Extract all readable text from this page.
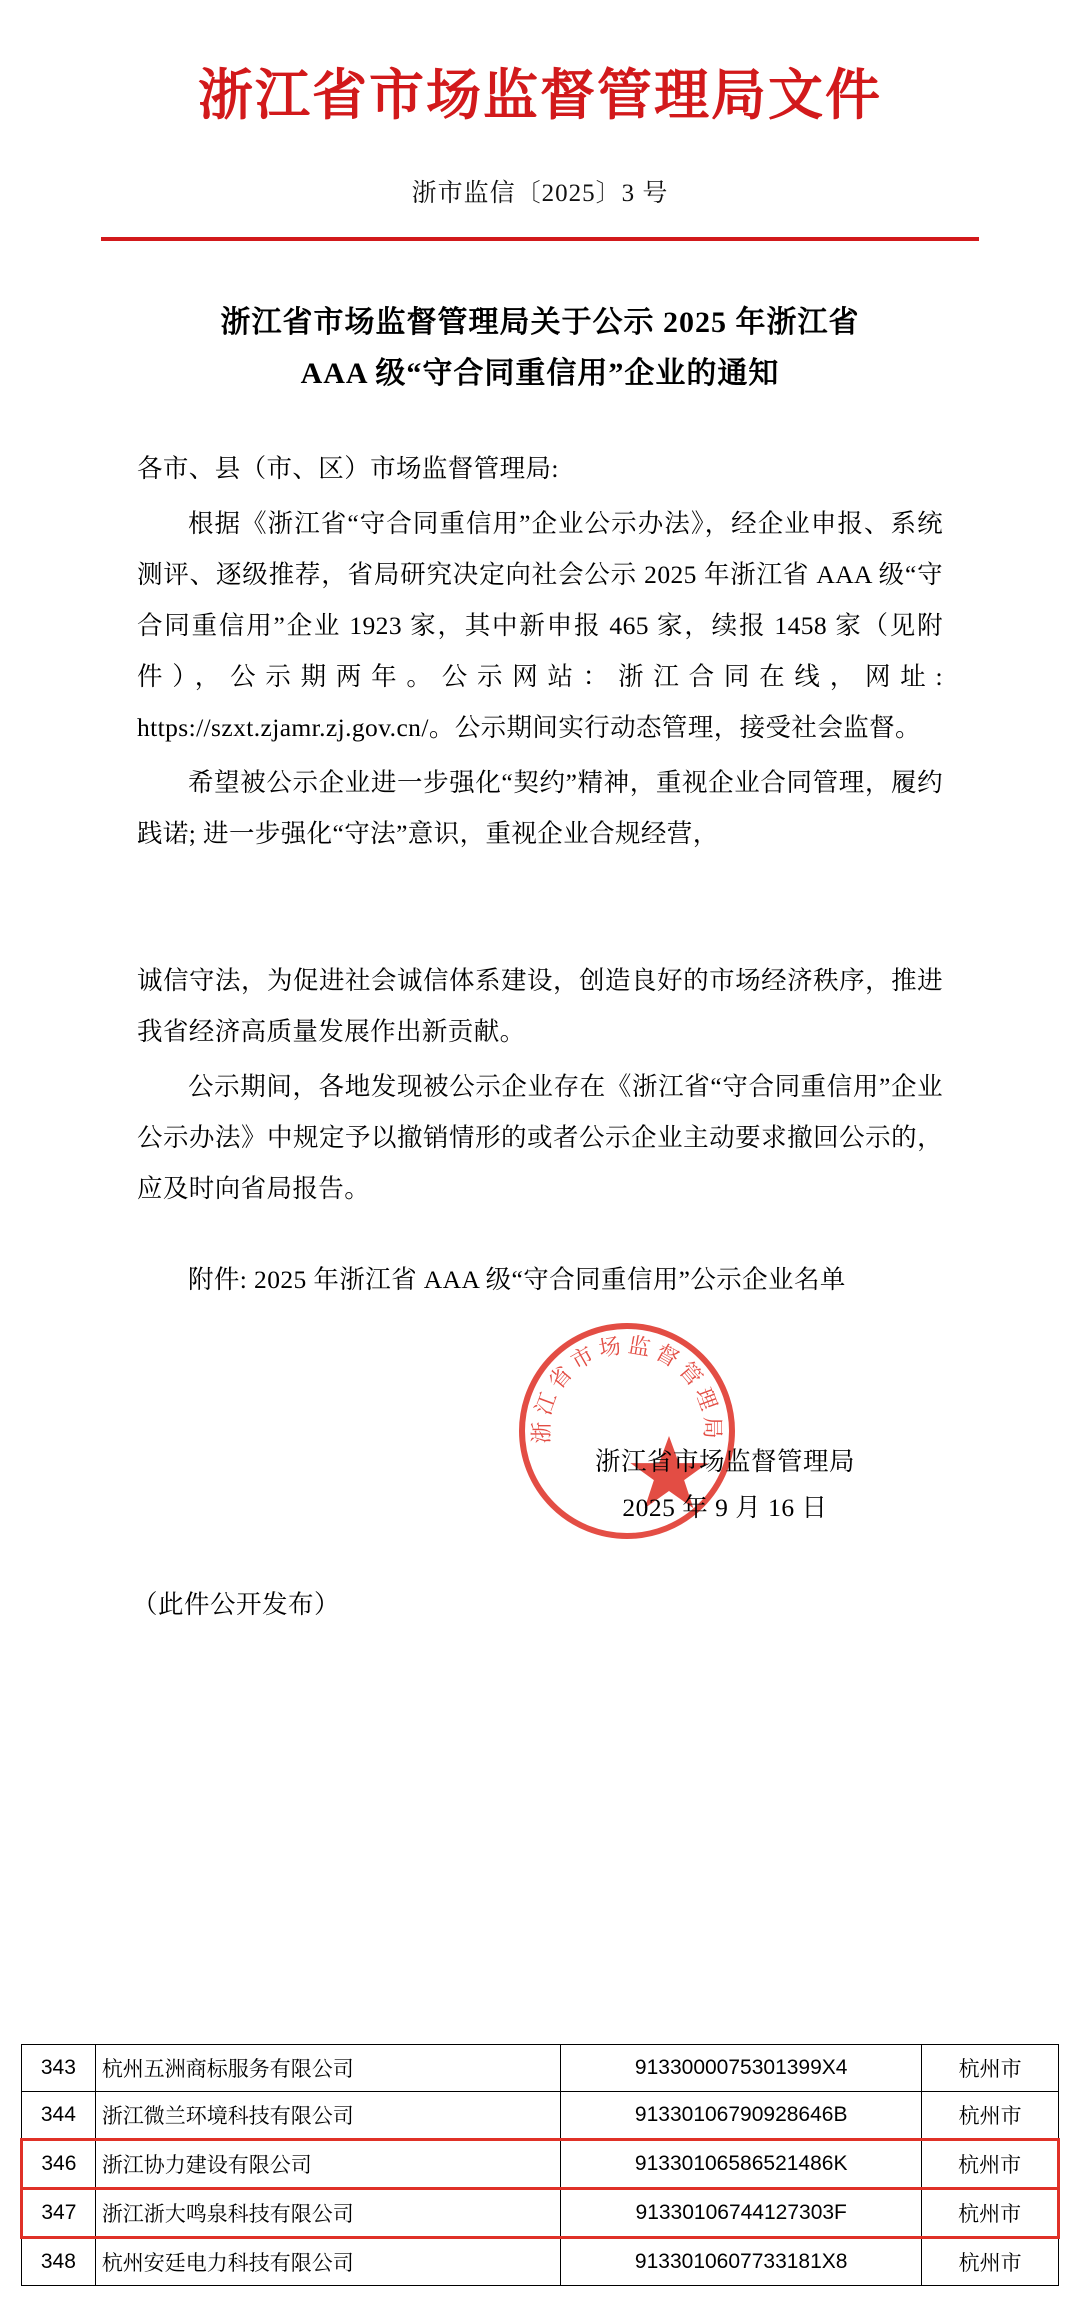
浙江省市场监督管理局文件
浙市监信〔2025〕3 号
浙江省市场监督管理局关于公示 2025 年浙江省
AAA 级“守合同重信用”企业的通知

各市、县（市、区）市场监督管理局:

根据《浙江省“守合同重信用”企业公示办法》，经企业申报、系统测评、逐级推荐，省局研究决定向社会公示 2025 年浙江省 AAA 级“守合同重信用”企业 1923 家，其中新申报 465 家，续报 1458 家（见附件），公示期两年。公示网站：浙江合同在线，网址: https://szxt.zjamr.zj.gov.cn/。公示期间实行动态管理，接受社会监督。

希望被公示企业进一步强化“契约”精神，重视企业合同管理，履约践诺; 进一步强化“守法”意识，重视企业合规经营，

诚信守法，为促进社会诚信体系建设，创造良好的市场经济秩序，推进我省经济高质量发展作出新贡献。

公示期间，各地发现被公示企业存在《浙江省“守合同重信用”企业公示办法》中规定予以撤销情形的或者公示企业主动要求撤回公示的，应及时向省局报告。

附件: 2025 年浙江省 AAA 级“守合同重信用”公示企业名单
浙江省市场监督管理局
浙江省市场监督管理局
2025 年 9 月 16 日
（此件公开发布）
343	杭州五洲商标服务有限公司	9133000075301399X4	杭州市
344	浙江微兰环境科技有限公司	91330106790928646B	杭州市
346	浙江协力建设有限公司	91330106586521486K	杭州市
347	浙江浙大鸣泉科技有限公司	91330106744127303F	杭州市
348	杭州安廷电力科技有限公司	9133010607733181X8	杭州市
